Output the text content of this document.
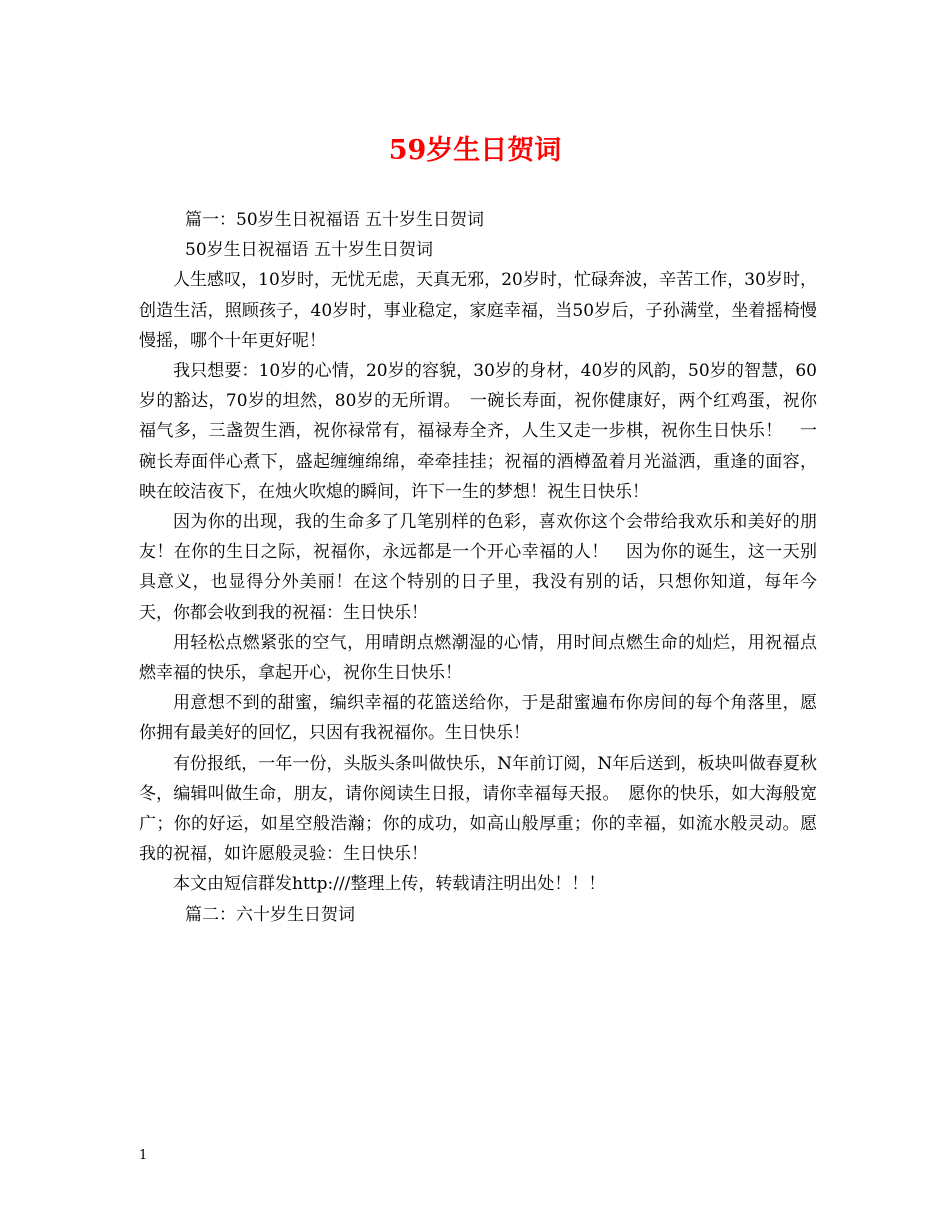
59岁生日贺词
篇一：50岁生日祝福语 五十岁生日贺词
50岁生日祝福语 五十岁生日贺词

人生感叹，10岁时，无忧无虑，天真无邪，20岁时，忙碌奔波，辛苦工作，30岁时，创造生活，照顾孩子，40岁时，事业稳定，家庭幸福，当50岁后，子孙满堂，坐着摇椅慢慢摇，哪个十年更好呢！

我只想要：10岁的心情，20岁的容貌，30岁的身材，40岁的风韵，50岁的智慧，60岁的豁达，70岁的坦然，80岁的无所谓。　一碗长寿面，祝你健康好，两个红鸡蛋，祝你福气多，三盏贺生酒，祝你禄常有，福禄寿全齐，人生又走一步棋，祝你生日快乐！　一碗长寿面伴心煮下，盛起缠缠绵绵，牵牵挂挂；祝福的酒樽盈着月光溢洒，重逢的面容，映在皎洁夜下，在烛火吹熄的瞬间，许下一生的梦想！祝生日快乐！

因为你的出现，我的生命多了几笔别样的色彩，喜欢你这个会带给我欢乐和美好的朋友！在你的生日之际，祝福你，永远都是一个开心幸福的人！　因为你的诞生，这一天别具意义，也显得分外美丽！在这个特别的日子里，我没有别的话，只想你知道，每年今天，你都会收到我的祝福：生日快乐！

用轻松点燃紧张的空气，用晴朗点燃潮湿的心情，用时间点燃生命的灿烂，用祝福点燃幸福的快乐，拿起开心，祝你生日快乐！

用意想不到的甜蜜，编织幸福的花篮送给你，于是甜蜜遍布你房间的每个角落里，愿你拥有最美好的回忆，只因有我祝福你。生日快乐！

有份报纸，一年一份，头版头条叫做快乐，N年前订阅，N年后送到，板块叫做春夏秋冬，编辑叫做生命，朋友，请你阅读生日报，请你幸福每天报。　愿你的快乐，如大海般宽广；你的好运，如星空般浩瀚；你的成功，如高山般厚重；你的幸福，如流水般灵动。愿我的祝福，如许愿般灵验：生日快乐！

本文由短信群发http:///整理上传，转载请注明出处！！！

篇二：六十岁生日贺词
1
